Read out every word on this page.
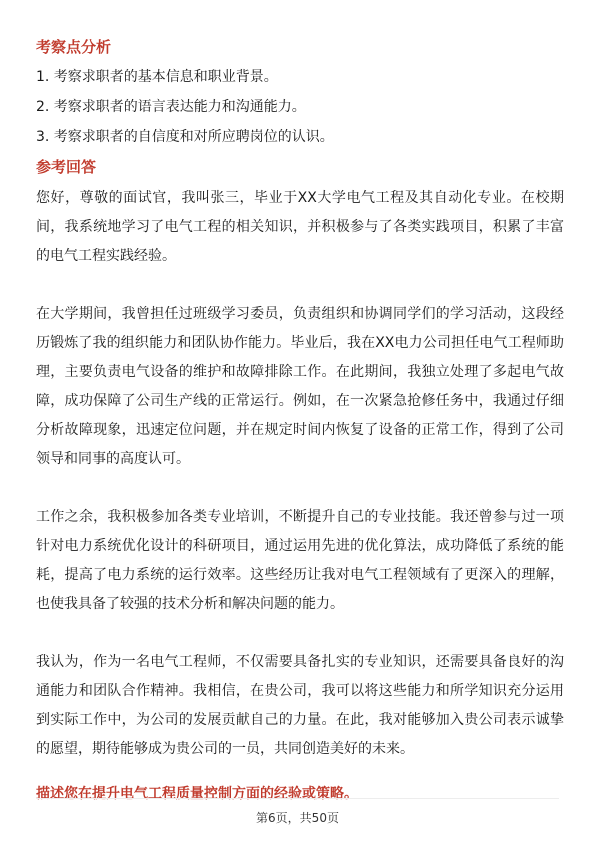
考察点分析
1. 考察求职者的基本信息和职业背景。
2. 考察求职者的语言表达能力和沟通能力。
3. 考察求职者的自信度和对所应聘岗位的认识。
参考回答

您好，尊敬的面试官，我叫张三，毕业于XX大学电气工程及其自动化专业。在校期间，我系统地学习了电气工程的相关知识，并积极参与了各类实践项目，积累了丰富的电气工程实践经验。

在大学期间，我曾担任过班级学习委员，负责组织和协调同学们的学习活动，这段经历锻炼了我的组织能力和团队协作能力。毕业后，我在XX电力公司担任电气工程师助理，主要负责电气设备的维护和故障排除工作。在此期间，我独立处理了多起电气故障，成功保障了公司生产线的正常运行。例如，在一次紧急抢修任务中，我通过仔细分析故障现象，迅速定位问题，并在规定时间内恢复了设备的正常工作，得到了公司领导和同事的高度认可。

工作之余，我积极参加各类专业培训，不断提升自己的专业技能。我还曾参与过一项针对电力系统优化设计的科研项目，通过运用先进的优化算法，成功降低了系统的能耗，提高了电力系统的运行效率。这些经历让我对电气工程领域有了更深入的理解，也使我具备了较强的技术分析和解决问题的能力。

我认为，作为一名电气工程师，不仅需要具备扎实的专业知识，还需要具备良好的沟通能力和团队合作精神。我相信，在贵公司，我可以将这些能力和所学知识充分运用到实际工作中，为公司的发展贡献自己的力量。在此，我对能够加入贵公司表示诚挚的愿望，期待能够成为贵公司的一员，共同创造美好的未来。

描述您在提升电气工程质量控制方面的经验或策略。
第6页，共50页
